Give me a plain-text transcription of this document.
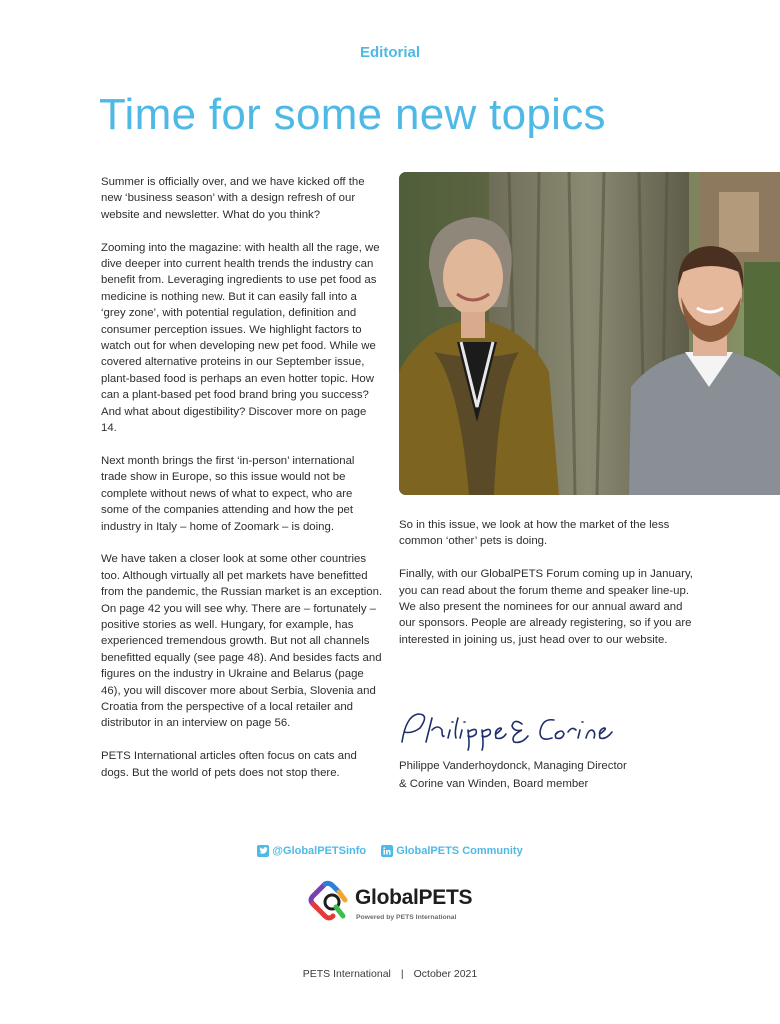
Editorial
Time for some new topics

Summer is officially over, and we have kicked off the new ‘business season’ with a design refresh of our website and newsletter. What do you think?

Zooming into the magazine: with health all the rage, we dive deeper into current health trends the industry can benefit from. Leveraging ingredients to use pet food as medicine is nothing new. But it can easily fall into a ‘grey zone’, with potential regulation, definition and consumer perception issues. We highlight factors to watch out for when developing new pet food. While we covered alternative proteins in our September issue, plant-based food is perhaps an even hotter topic. How can a plant-based pet food brand bring you success? And what about digestibility? Discover more on page 14.

Next month brings the first ‘in-person’ international trade show in Europe, so this issue would not be complete without news of what to expect, who are some of the companies attending and how the pet industry in Italy – home of Zoomark – is doing.

We have taken a closer look at some other countries too. Although virtually all pet markets have benefitted from the pandemic, the Russian market is an exception. On page 42 you will see why. There are – fortunately – positive stories as well. Hungary, for example, has experienced tremendous growth. But not all channels benefitted equally (see page 48). And besides facts and figures on the industry in Ukraine and Belarus (page 46), you will discover more about Serbia, Slovenia and Croatia from the perspective of a local retailer and distributor in an interview on page 56.

PETS International articles often focus on cats and dogs. But the world of pets does not stop there.

So in this issue, we look at how the market of the less common ‘other’ pets is doing.

Finally, with our GlobalPETS Forum coming up in January, you can read about the forum theme and speaker line-up. We also present the nominees for our annual award and our sponsors. People are already registering, so if you are interested in joining us, just head over to our website.

Philippe Vanderhoydonck, Managing Director
& Corine van Winden, Board member
@GlobalPETSinfo
	GlobalPETS Community
GlobalPETS
Powered by PETS International
PETS International | October 2021
